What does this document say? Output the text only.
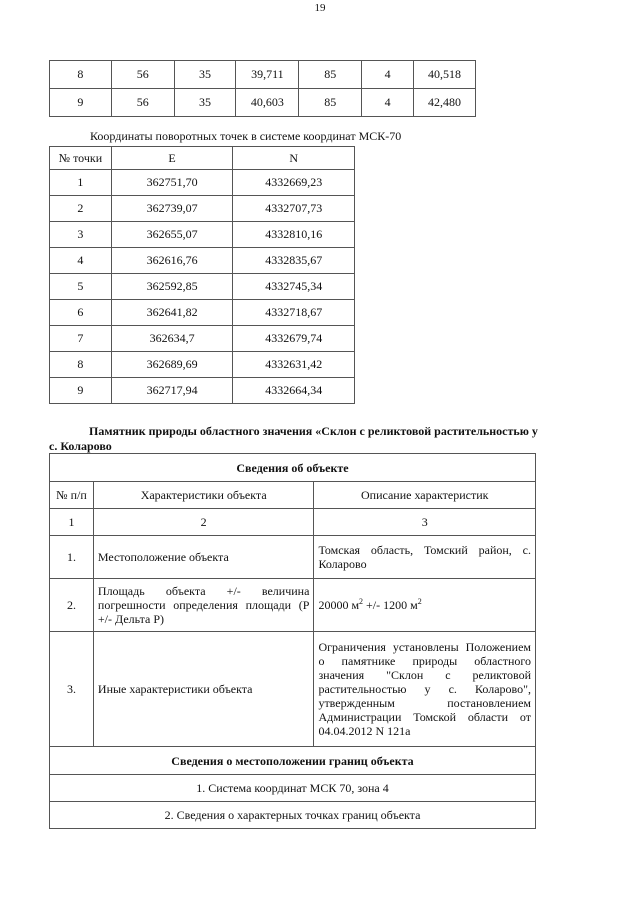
19
8	56	35	39,711	85	4	40,518
9	56	35	40,603	85	4	42,480
Координаты поворотных точек в системе координат МСК-70
№ точки	E	N
1	362751,70	4332669,23
2	362739,07	4332707,73
3	362655,07	4332810,16
4	362616,76	4332835,67
5	362592,85	4332745,34
6	362641,82	4332718,67
7	362634,7	4332679,74
8	362689,69	4332631,42
9	362717,94	4332664,34
Памятник природы областного значения «Склон с реликтовой растительностью у
с. Коларово
Сведения об объекте		
№ п/п	Характеристики объекта	Описание характеристик
1	2	3
1.	Местоположение объекта	Томская область, Томский район, с. Коларово
2.	Площадь объекта +/- величина погрешности определения площади (P +/- Дельта P)	20000 $м^2$ +/- 1200 $м^2$
3.	Иные характеристики объекта	Ограничения установлены Положением о памятнике природы областного значения "Склон с реликтовой растительностью у с. Коларово", утвержденным постановлением Администрации Томской области от 04.04.2012 N 121а
Сведения о местоположении границ объекта		
1. Система координат МСК 70, зона 4		
2. Сведения о характерных точках границ объекта		
